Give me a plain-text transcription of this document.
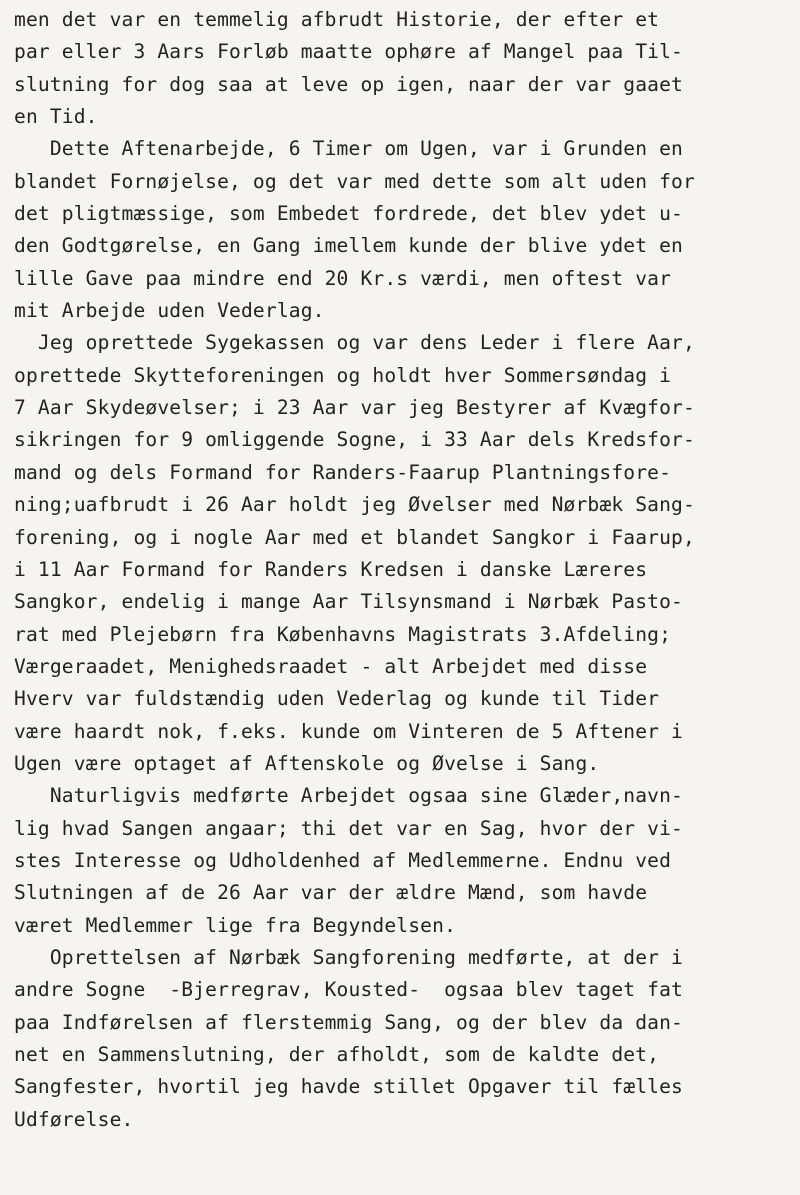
men det var en temmelig afbrudt Historie, der efter et
par eller 3 Aars Forløb maatte ophøre af Mangel paa Til-
slutning for dog saa at leve op igen, naar der var gaaet
en Tid.
Dette Aftenarbejde, 6 Timer om Ugen, var i Grunden en
blandet Fornøjelse, og det var med dette som alt uden for
det pligtmæssige, som Embedet fordrede, det blev ydet u-
den Godtgørelse, en Gang imellem kunde der blive ydet en
lille Gave paa mindre end 20 Kr.s værdi, men oftest var
mit Arbejde uden Vederlag.
Jeg oprettede Sygekassen og var dens Leder i flere Aar,
oprettede Skytteforeningen og holdt hver Sommersøndag i
7 Aar Skydeøvelser; i 23 Aar var jeg Bestyrer af Kvægfor-
sikringen for 9 omliggende Sogne, i 33 Aar dels Kredsfor-
mand og dels Formand for Randers-Faarup Plantningsfore-
ning;uafbrudt i 26 Aar holdt jeg Øvelser med Nørbæk Sang-
forening, og i nogle Aar med et blandet Sangkor i Faarup,
i 11 Aar Formand for Randers Kredsen i danske Læreres
Sangkor, endelig i mange Aar Tilsynsmand i Nørbæk Pasto-
rat med Plejebørn fra Københavns Magistrats 3.Afdeling;
Værgeraadet, Menighedsraadet - alt Arbejdet med disse
Hverv var fuldstændig uden Vederlag og kunde til Tider
være haardt nok, f.eks. kunde om Vinteren de 5 Aftener i
Ugen være optaget af Aftenskole og Øvelse i Sang.
Naturligvis medførte Arbejdet ogsaa sine Glæder,navn-
lig hvad Sangen angaar; thi det var en Sag, hvor der vi-
stes Interesse og Udholdenhed af Medlemmerne. Endnu ved
Slutningen af de 26 Aar var der ældre Mænd, som havde
været Medlemmer lige fra Begyndelsen.
Oprettelsen af Nørbæk Sangforening medførte, at der i
andre Sogne  -Bjerregrav, Kousted-  ogsaa blev taget fat
paa Indførelsen af flerstemmig Sang, og der blev da dan-
net en Sammenslutning, der afholdt, som de kaldte det,
Sangfester, hvortil jeg havde stillet Opgaver til fælles
Udførelse.
